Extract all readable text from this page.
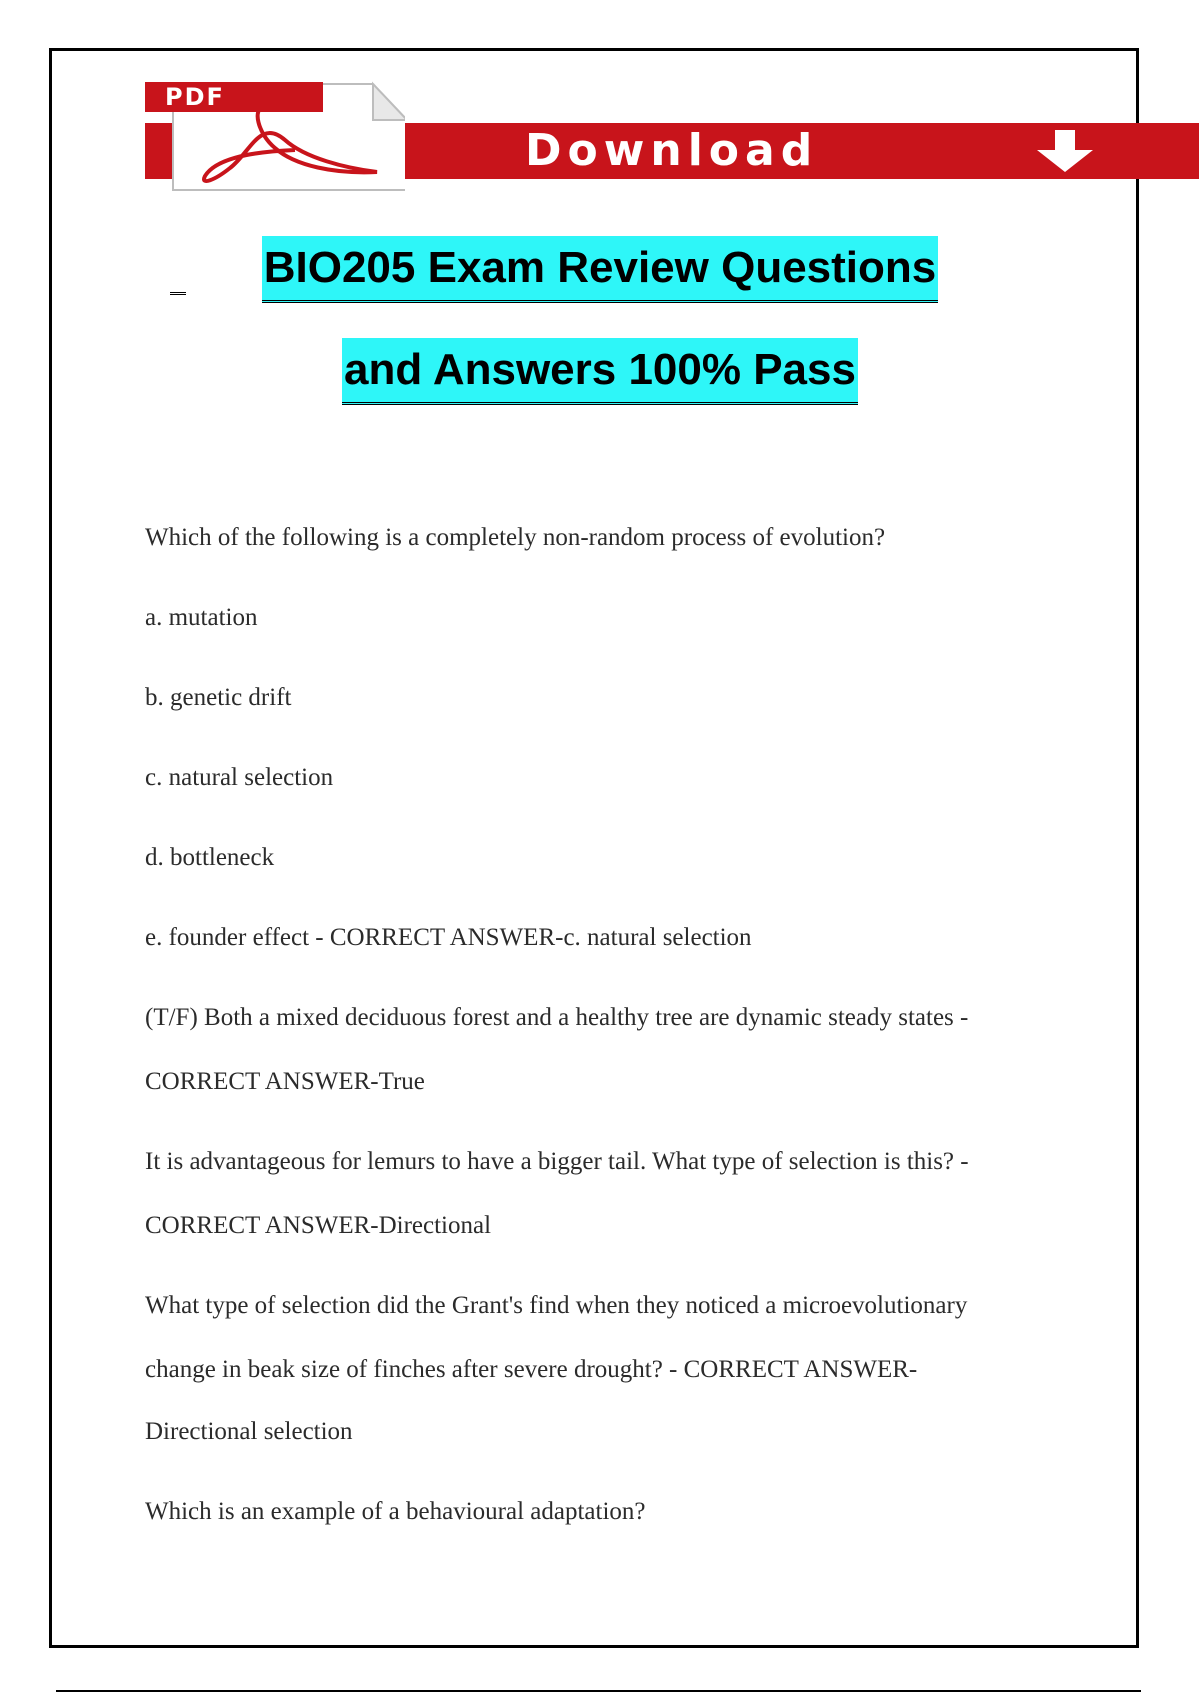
PDF
Download
BIO205 Exam Review Questions
and Answers 100% Pass
Which of the following is a completely non-random process of evolution?
a. mutation
b. genetic drift
c. natural selection
d. bottleneck
e. founder effect - CORRECT ANSWER-c. natural selection
(T/F) Both a mixed deciduous forest and a healthy tree are dynamic steady states -
CORRECT ANSWER-True
It is advantageous for lemurs to have a bigger tail. What type of selection is this? -
CORRECT ANSWER-Directional
What type of selection did the Grant's find when they noticed a microevolutionary
change in beak size of finches after severe drought? - CORRECT ANSWER-
Directional selection
Which is an example of a behavioural adaptation?
